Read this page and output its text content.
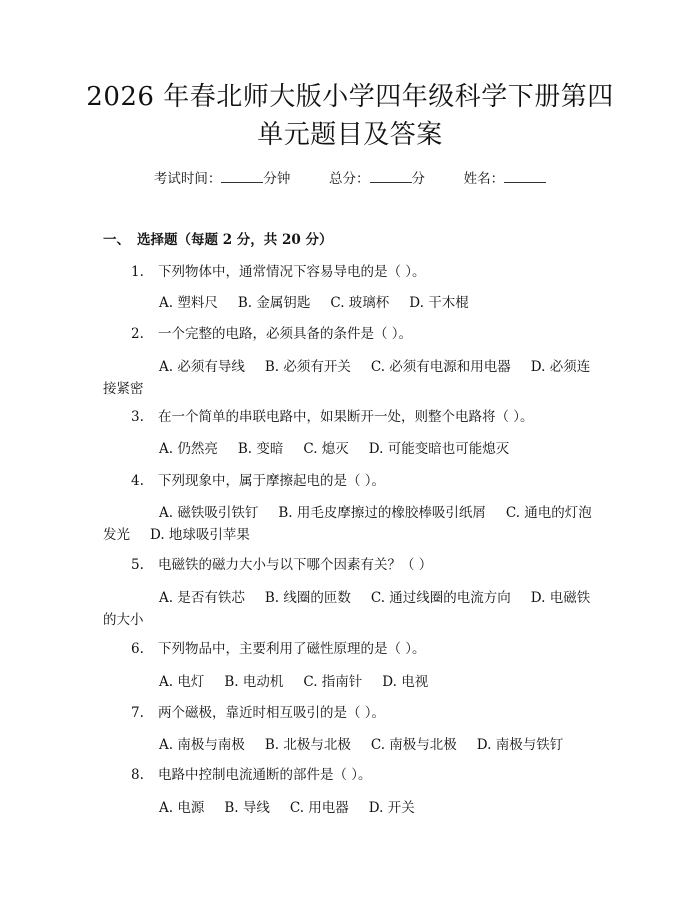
2026 年春北师大版小学四年级科学下册第四
单元题目及答案
考试时间：	分钟	总分：	分	姓名：
一、 选择题（每题 2 分，共 20 分）
1. 下列物体中，通常情况下容易导电的是（ ）。
A. 塑料尺 B. 金属钥匙 C. 玻璃杯 D. 干木棍
2. 一个完整的电路，必须具备的条件是（ ）。
A. 必须有导线 B. 必须有开关 C. 必须有电源和用电器 D. 必须连接紧密
3. 在一个简单的串联电路中，如果断开一处，则整个电路将（ ）。
A. 仍然亮 B. 变暗 C. 熄灭 D. 可能变暗也可能熄灭
4. 下列现象中，属于摩擦起电的是（ ）。
A. 磁铁吸引铁钉 B. 用毛皮摩擦过的橡胶棒吸引纸屑 C. 通电的灯泡发光 D. 地球吸引苹果
5. 电磁铁的磁力大小与以下哪个因素有关？（ ）
A. 是否有铁芯 B. 线圈的匝数 C. 通过线圈的电流方向 D. 电磁铁的大小
6. 下列物品中，主要利用了磁性原理的是（ ）。
A. 电灯 B. 电动机 C. 指南针 D. 电视
7. 两个磁极，靠近时相互吸引的是（ ）。
A. 南极与南极 B. 北极与北极 C. 南极与北极 D. 南极与铁钉
8. 电路中控制电流通断的部件是（ ）。
A. 电源 B. 导线 C. 用电器 D. 开关
